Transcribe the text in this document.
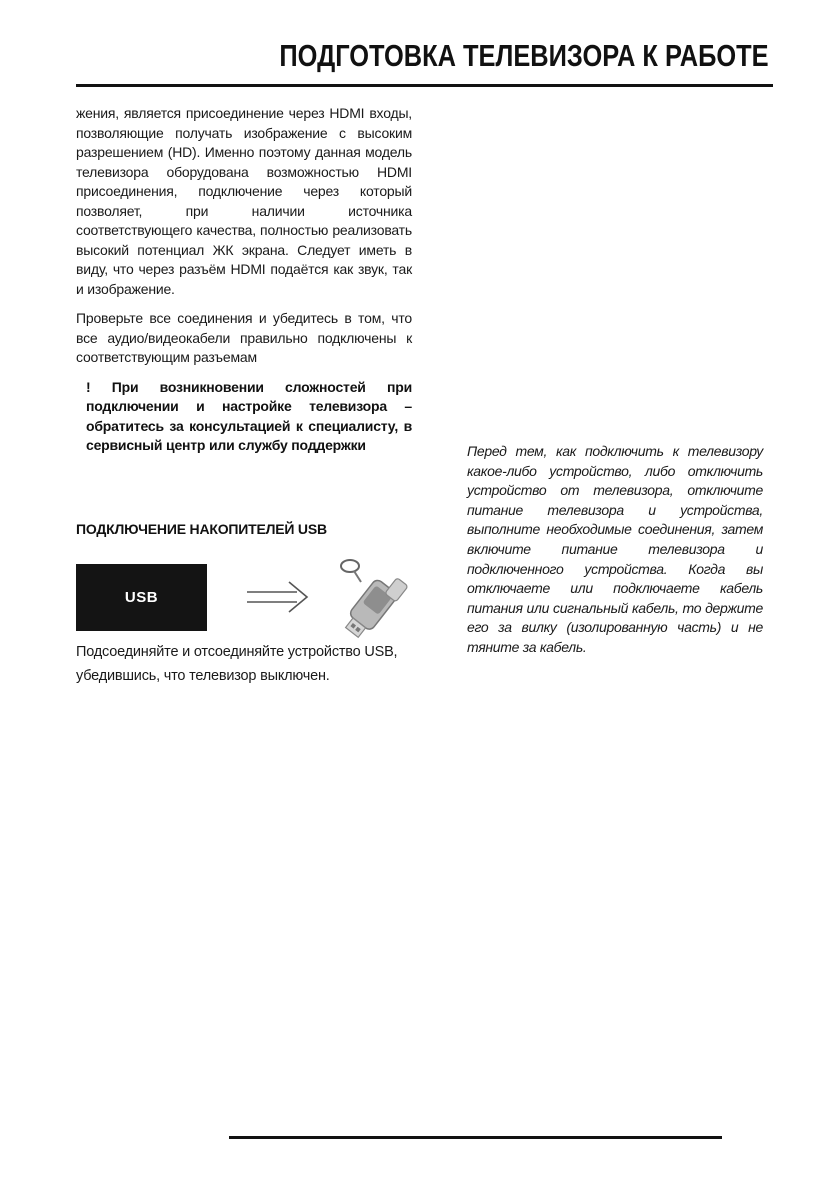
ПОДГОТОВКА ТЕЛЕВИЗОРА К РАБОТЕ

жения, является присоединение через HDMI входы, позволяющие получать изображение с высоким разрешением (HD). Именно поэтому данная модель телевизора оборудована возможностью HDMI присоединения, подключение через который позволяет, при наличии источника соответствующего качества, полностью реализовать высокий потенциал ЖК экрана. Следует иметь в виду, что через разъём HDMI подаётся как звук, так и изображение.

Проверьте все соединения и убедитесь в том, что все аудио/видеокабели правильно подключены к соответствующим разъемам

! При возникновении сложностей при подключении и настройке телевизора – обратитесь за консультацией к специалисту, в сервисный центр или службу поддержки

ПОДКЛЮЧЕНИЕ НАКОПИТЕЛЕЙ USB
USB
Подсоединяйте и отсоединяйте устройство USB, убедившись, что телевизор выключен.

Перед тем, как подключить к телевизору какое-либо устройство, либо отключить устройство от телевизора, отключите питание телевизора и устройства, выполните необходимые соединения, затем включите питание телевизора и подключенного устройства. Когда вы отключаете или подключаете кабель питания или сигнальный кабель, то держите его за вилку (изолированную часть) и не тяните за кабель.
